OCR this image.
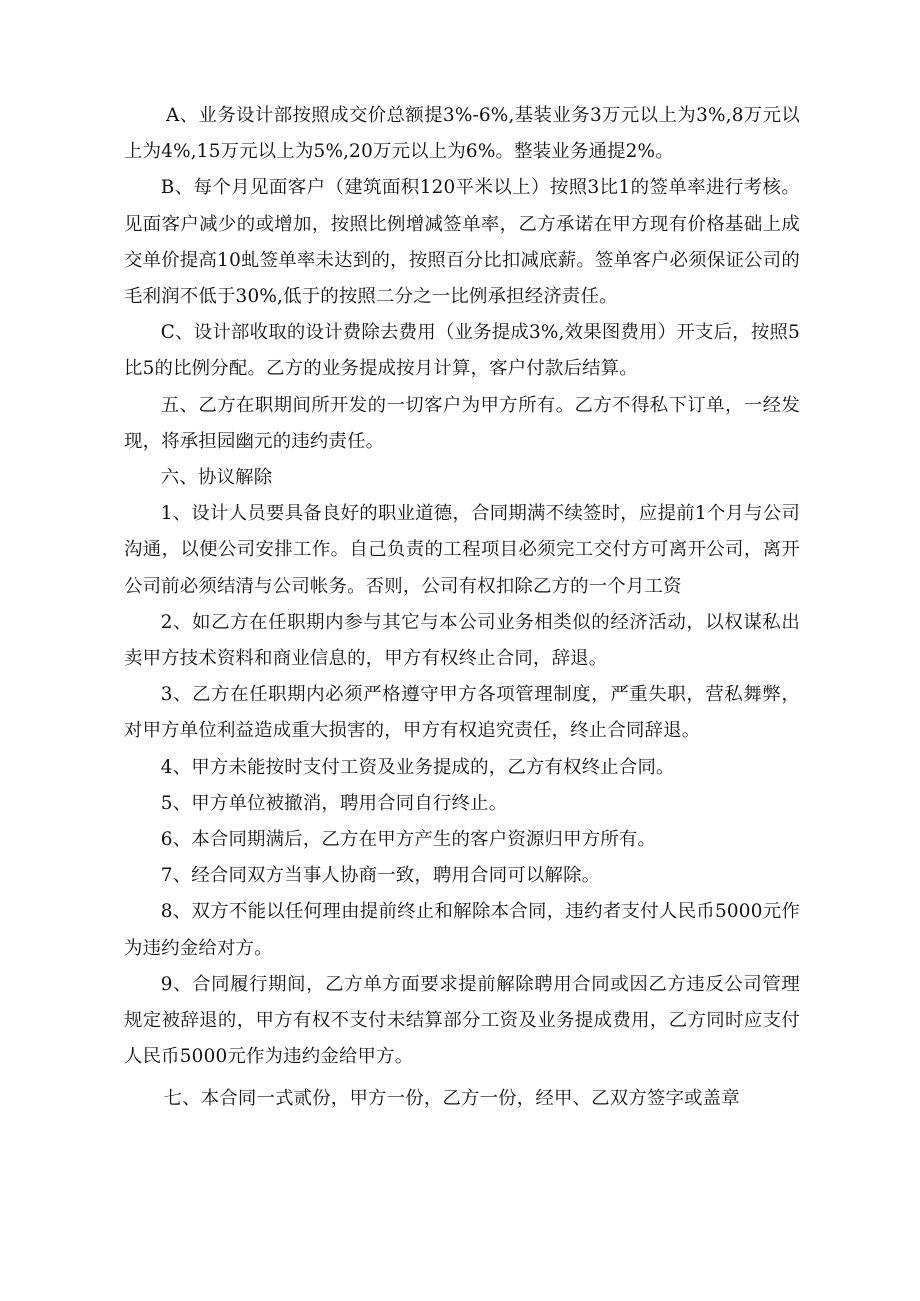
A、业务设计部按照成交价总额提3%-6%,基装业务3万元以上为3%,8万元以上为4%,15万元以上为5%,20万元以上为6%。整装业务通提2%。

B、每个月见面客户（建筑面积120平米以上）按照3比1的签单率进行考核。见面客户减少的或增加，按照比例增减签单率，乙方承诺在甲方现有价格基础上成交单价提高10虬签单率未达到的，按照百分比扣减底薪。签单客户必须保证公司的毛利润不低于30%,低于的按照二分之一比例承担经济责任。

C、设计部收取的设计费除去费用（业务提成3%,效果图费用）开支后，按照5比5的比例分配。乙方的业务提成按月计算，客户付款后结算。

五、乙方在职期间所开发的一切客户为甲方所有。乙方不得私下订单，一经发现，将承担园幽元的违约责任。

六、协议解除

1、设计人员要具备良好的职业道德，合同期满不续签时，应提前1个月与公司沟通，以便公司安排工作。自己负责的工程项目必须完工交付方可离开公司，离开公司前必须结清与公司帐务。否则，公司有权扣除乙方的一个月工资

2、如乙方在任职期内参与其它与本公司业务相类似的经济活动，以权谋私出卖甲方技术资料和商业信息的，甲方有权终止合同，辞退。

3、乙方在任职期内必须严格遵守甲方各项管理制度，严重失职，营私舞弊，对甲方单位利益造成重大损害的，甲方有权追究责任，终止合同辞退。

4、甲方未能按时支付工资及业务提成的，乙方有权终止合同。

5、甲方单位被撤消，聘用合同自行终止。

6、本合同期满后，乙方在甲方产生的客户资源归甲方所有。

7、经合同双方当事人协商一致，聘用合同可以解除。

8、双方不能以任何理由提前终止和解除本合同，违约者支付人民币5000元作为违约金给对方。

9、合同履行期间，乙方单方面要求提前解除聘用合同或因乙方违反公司管理规定被辞退的，甲方有权不支付未结算部分工资及业务提成费用，乙方同时应支付人民币5000元作为违约金给甲方。

七、本合同一式贰份，甲方一份，乙方一份，经甲、乙双方签字或盖章
